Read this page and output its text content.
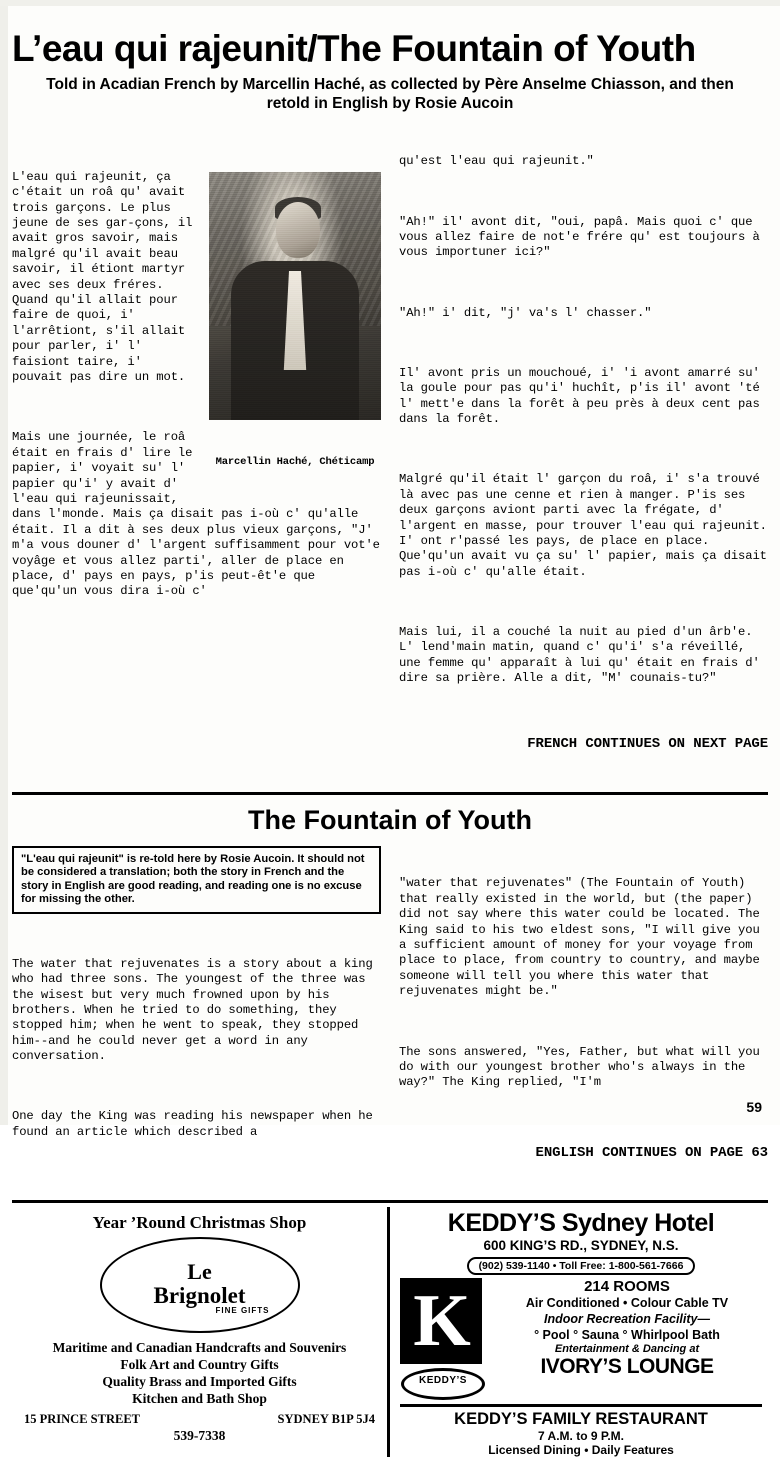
L’eau qui rajeunit/The Fountain of Youth
Told in Acadian French by Marcellin Haché, as collected by Père Anselme Chiasson, and then retold in English by Rosie Aucoin

Marcellin Haché, Chéticamp

L'eau qui rajeunit, ça c'était un roâ qu' avait trois garçons. Le plus jeune de ses gar-çons, il avait gros savoir, mais malgré qu'il avait beau savoir, il étiont martyr avec ses deux fréres. Quand qu'il allait pour faire de quoi, i' l'arrêtiont, s'il allait pour parler, i' l' faisiont taire, i' pouvait pas dire un mot.

Mais une journée, le roâ était en frais d' lire le papier, i' voyait su' l' papier qu'i' y avait d' l'eau qui rajeunissait, dans l'monde. Mais ça disait pas i-où c' qu'alle était. Il a dit à ses deux plus vieux garçons, "J' m'a vous douner d' l'argent suffisamment pour vot'e voyâge et vous allez parti', aller de place en place, d' pays en pays, p'is peut-êt'e que que'qu'un vous dira i-où c'

qu'est l'eau qui rajeunit."

"Ah!" il' avont dit, "oui, papâ. Mais quoi c' que vous allez faire de not'e frére qu' est toujours à vous importuner ici?"

"Ah!" i' dit, "j' va's l' chasser."

Il' avont pris un mouchoué, i' 'i avont amarré su' la goule pour pas qu'i' huchît, p'is il' avont 'té l' mett'e dans la forêt à peu près à deux cent pas dans la forêt.

Malgré qu'il était l' garçon du roâ, i' s'a trouvé là avec pas une cenne et rien à manger. P'is ses deux garçons aviont parti avec la frégate, d' l'argent en masse, pour trouver l'eau qui rajeunit. I' ont r'passé les pays, de place en place. Que'qu'un avait vu ça su' l' papier, mais ça disait pas i-où c' qu'alle était.

Mais lui, il a couché la nuit au pied d'un ârb'e. L' lend'main matin, quand c' qu'i' s'a réveillé, une femme qu' apparaît à lui qu' était en frais d' dire sa prière. Alle a dit, "M' counais-tu?"

FRENCH CONTINUES ON NEXT PAGE

The Fountain of Youth
"L'eau qui rajeunit" is re-told here by Rosie Aucoin. It should not be considered a translation; both the story in French and the story in English are good reading, and reading one is no excuse for missing the other.

The water that rejuvenates is a story about a king who had three sons. The youngest of the three was the wisest but very much frowned upon by his brothers. When he tried to do something, they stopped him; when he went to speak, they stopped him--and he could never get a word in any conversation.

One day the King was reading his newspaper when he found an article which described a

"water that rejuvenates" (The Fountain of Youth) that really existed in the world, but (the paper) did not say where this water could be located. The King said to his two eldest sons, "I will give you a sufficient amount of money for your voyage from place to place, from country to country, and maybe someone will tell you where this water that rejuvenates might be."

The sons answered, "Yes, Father, but what will you do with our youngest brother who's always in the way?" The King replied, "I'm

ENGLISH CONTINUES ON PAGE 63

Year ’Round Christmas Shop
Le
Brignolet
FINE GIFTS
Maritime and Canadian Handcrafts and Souvenirs
Folk Art and Country Gifts
Quality Brass and Imported Gifts
Kitchen and Bath Shop
15 PRINCE STREET	SYDNEY B1P 5J4
539-7338
KEDDY’S Sydney Hotel
600 KING’S RD., SYDNEY, N.S.
(902) 539-1140 • Toll Free: 1-800-561-7666
K
KEDDY’S
214 ROOMS
Air Conditioned • Colour Cable TV
Indoor Recreation Facility—
° Pool ° Sauna ° Whirlpool Bath
Entertainment & Dancing at
IVORY’S LOUNGE
KEDDY’S FAMILY RESTAURANT
7 A.M. to 9 P.M.
Licensed Dining • Daily Features
59
